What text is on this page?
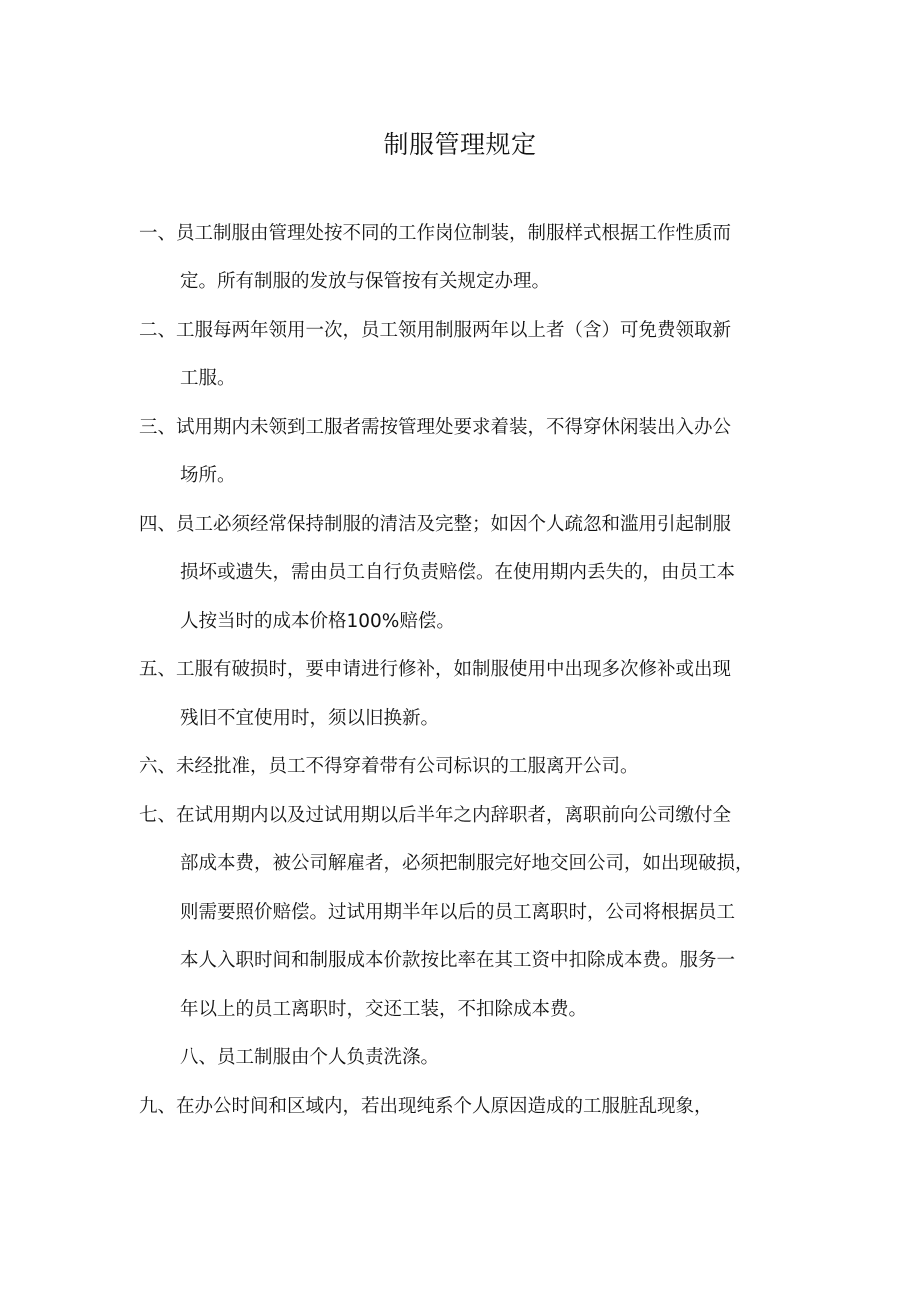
制服管理规定
一、员工制服由管理处按不同的工作岗位制装，制服样式根据工作性质而
定。所有制服的发放与保管按有关规定办理。
二、工服每两年领用一次，员工领用制服两年以上者（含）可免费领取新
工服。
三、试用期内未领到工服者需按管理处要求着装，不得穿休闲装出入办公
场所。
四、员工必须经常保持制服的清洁及完整；如因个人疏忽和滥用引起制服
损坏或遗失，需由员工自行负责赔偿。在使用期内丢失的，由员工本
人按当时的成本价格100%赔偿。
五、工服有破损时，要申请进行修补，如制服使用中出现多次修补或出现
残旧不宜使用时，须以旧换新。
六、未经批准，员工不得穿着带有公司标识的工服离开公司。
七、在试用期内以及过试用期以后半年之内辞职者，离职前向公司缴付全
部成本费，被公司解雇者，必须把制服完好地交回公司，如出现破损，
则需要照价赔偿。过试用期半年以后的员工离职时，公司将根据员工
本人入职时间和制服成本价款按比率在其工资中扣除成本费。服务一
年以上的员工离职时，交还工装，不扣除成本费。
八、员工制服由个人负责洗涤。
九、在办公时间和区域内，若出现纯系个人原因造成的工服脏乱现象，
